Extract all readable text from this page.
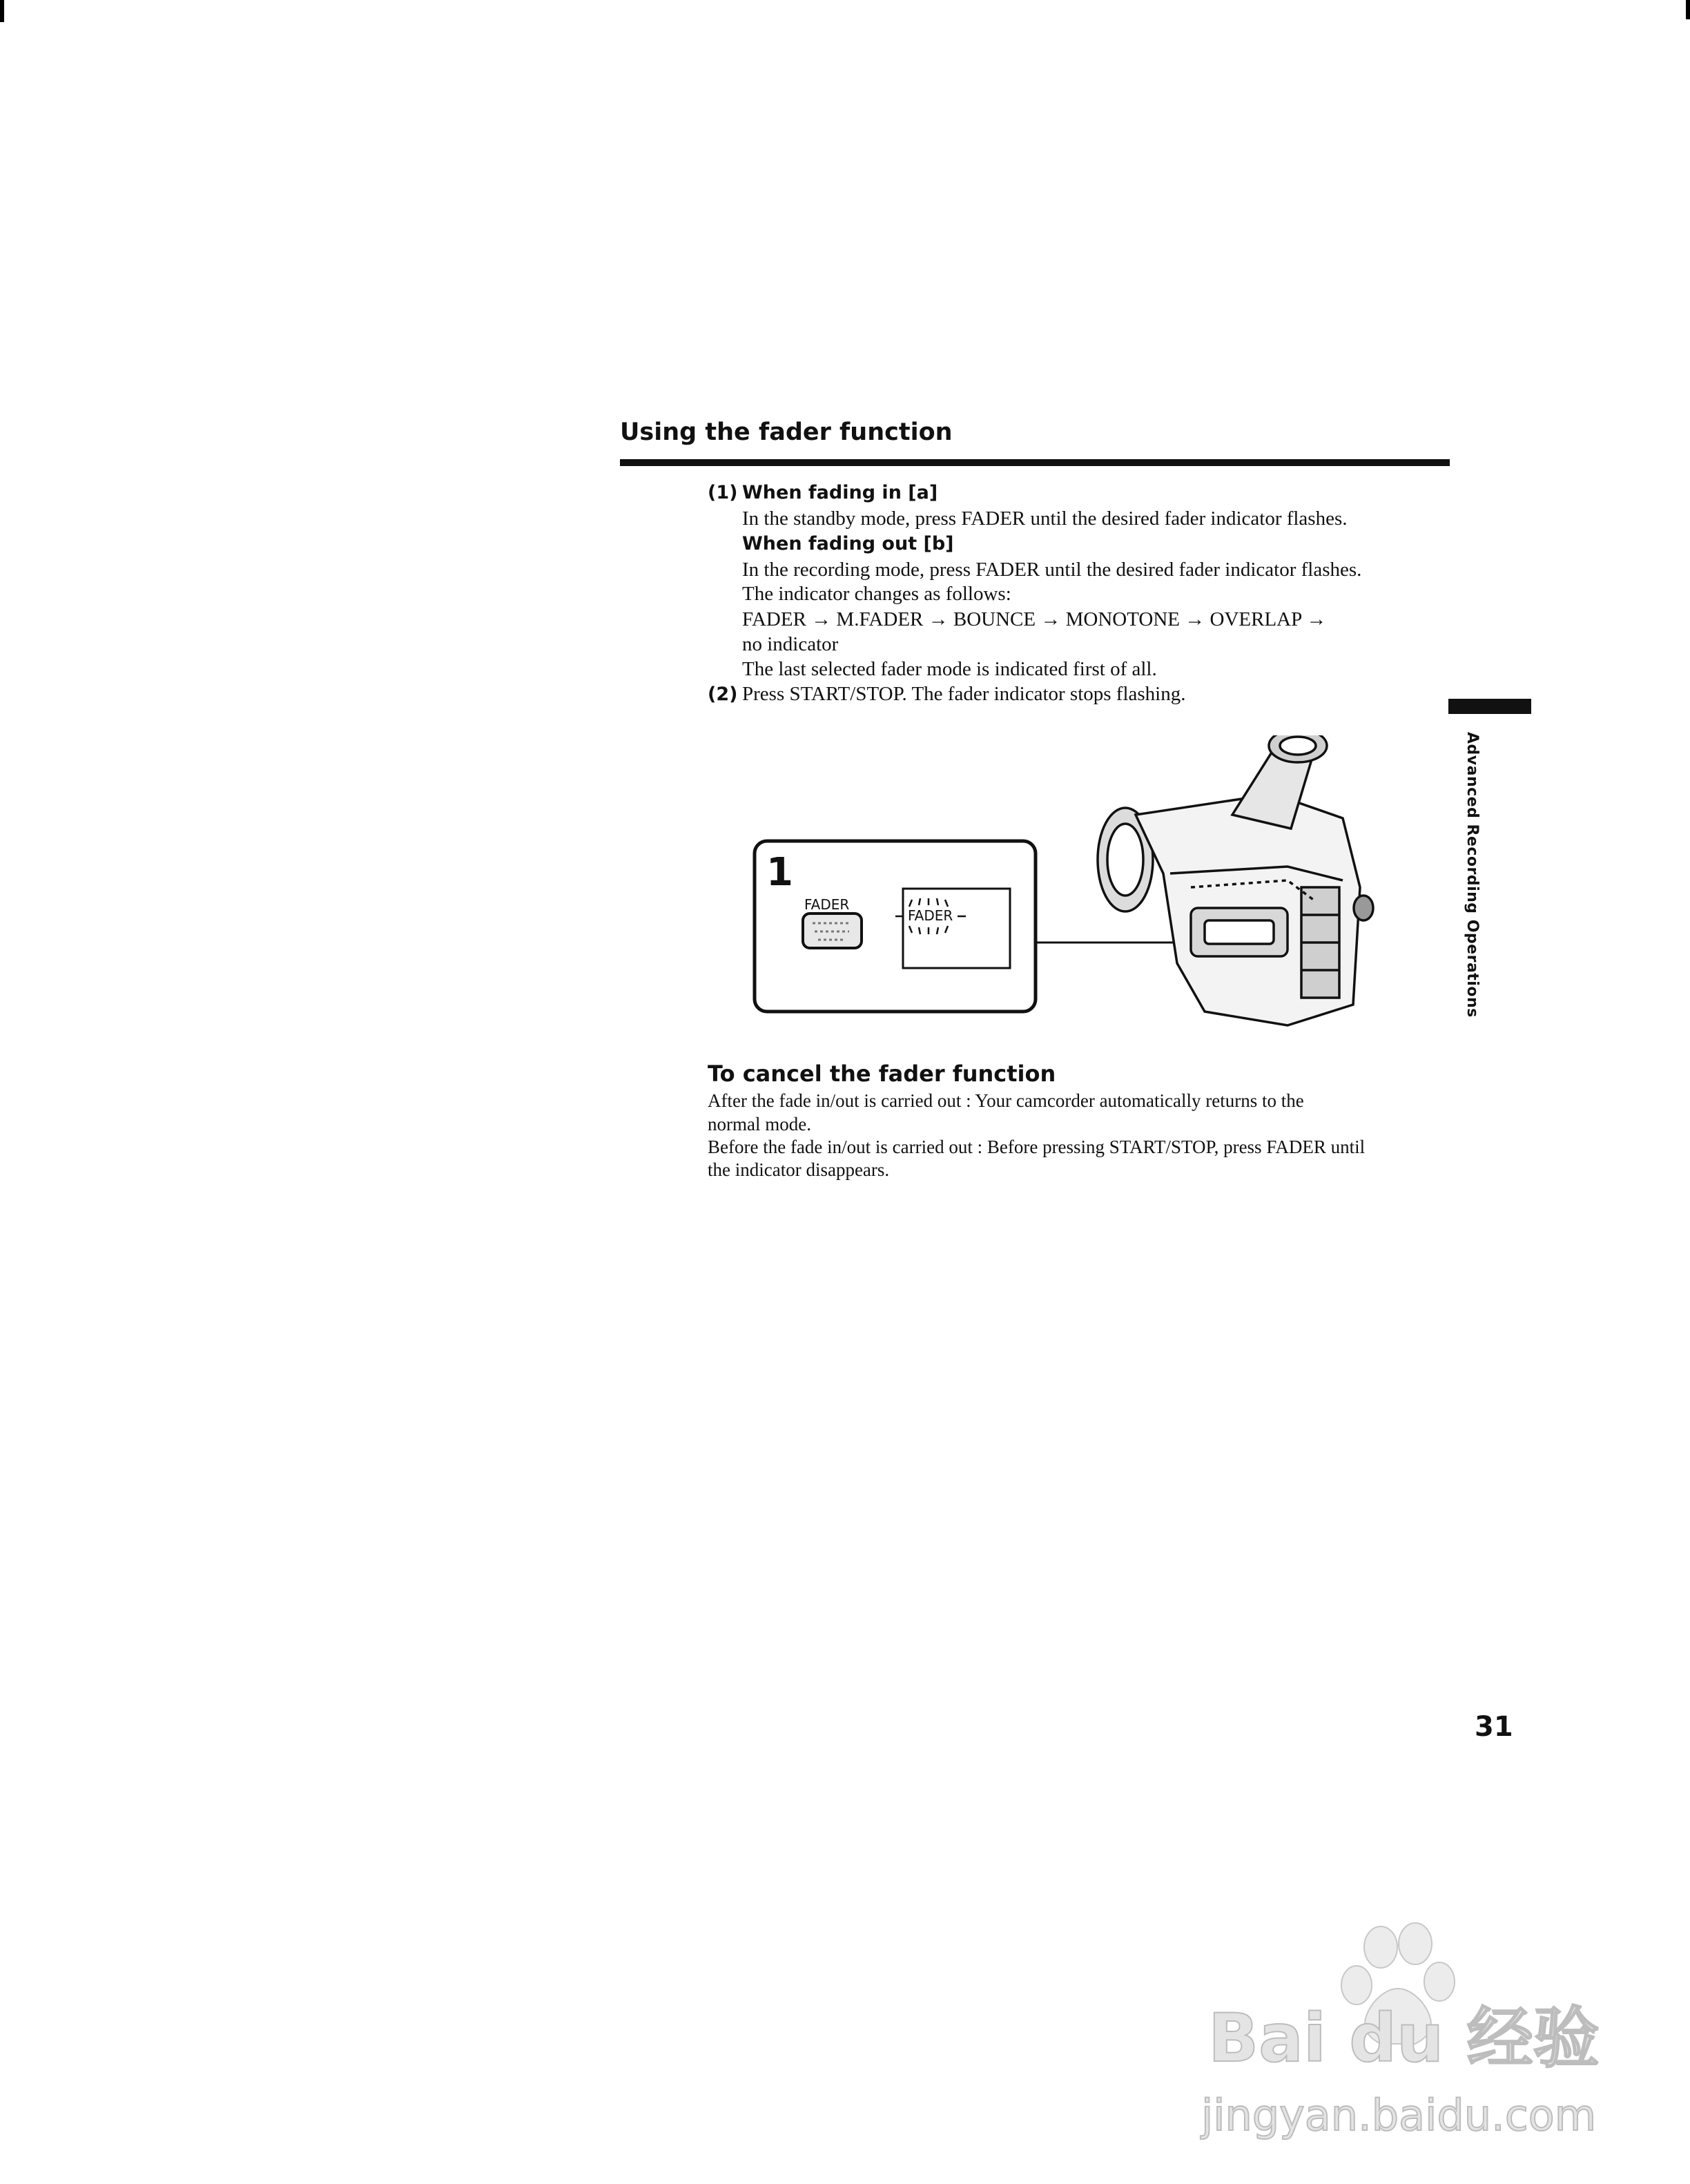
Using the fader function
(1) When fading in [a]
In the standby mode, press FADER until the desired fader indicator flashes.
When fading out [b]
In the recording mode, press FADER until the desired fader indicator flashes.
The indicator changes as follows:
FADER → M.FADER → BOUNCE → MONOTONE → OVERLAP →
no indicator
The last selected fader mode is indicated first of all.
(2) Press START/STOP. The fader indicator stops flashing.
Advanced Recording Operations
1
FADER
FADER
To cancel the fader function
After the fade in/out is carried out : Your camcorder automatically returns to the
normal mode.
Before the fade in/out is carried out : Before pressing START/STOP, press FADER until
the indicator disappears.
31
Bai du 经验
jingyan.baidu.com
